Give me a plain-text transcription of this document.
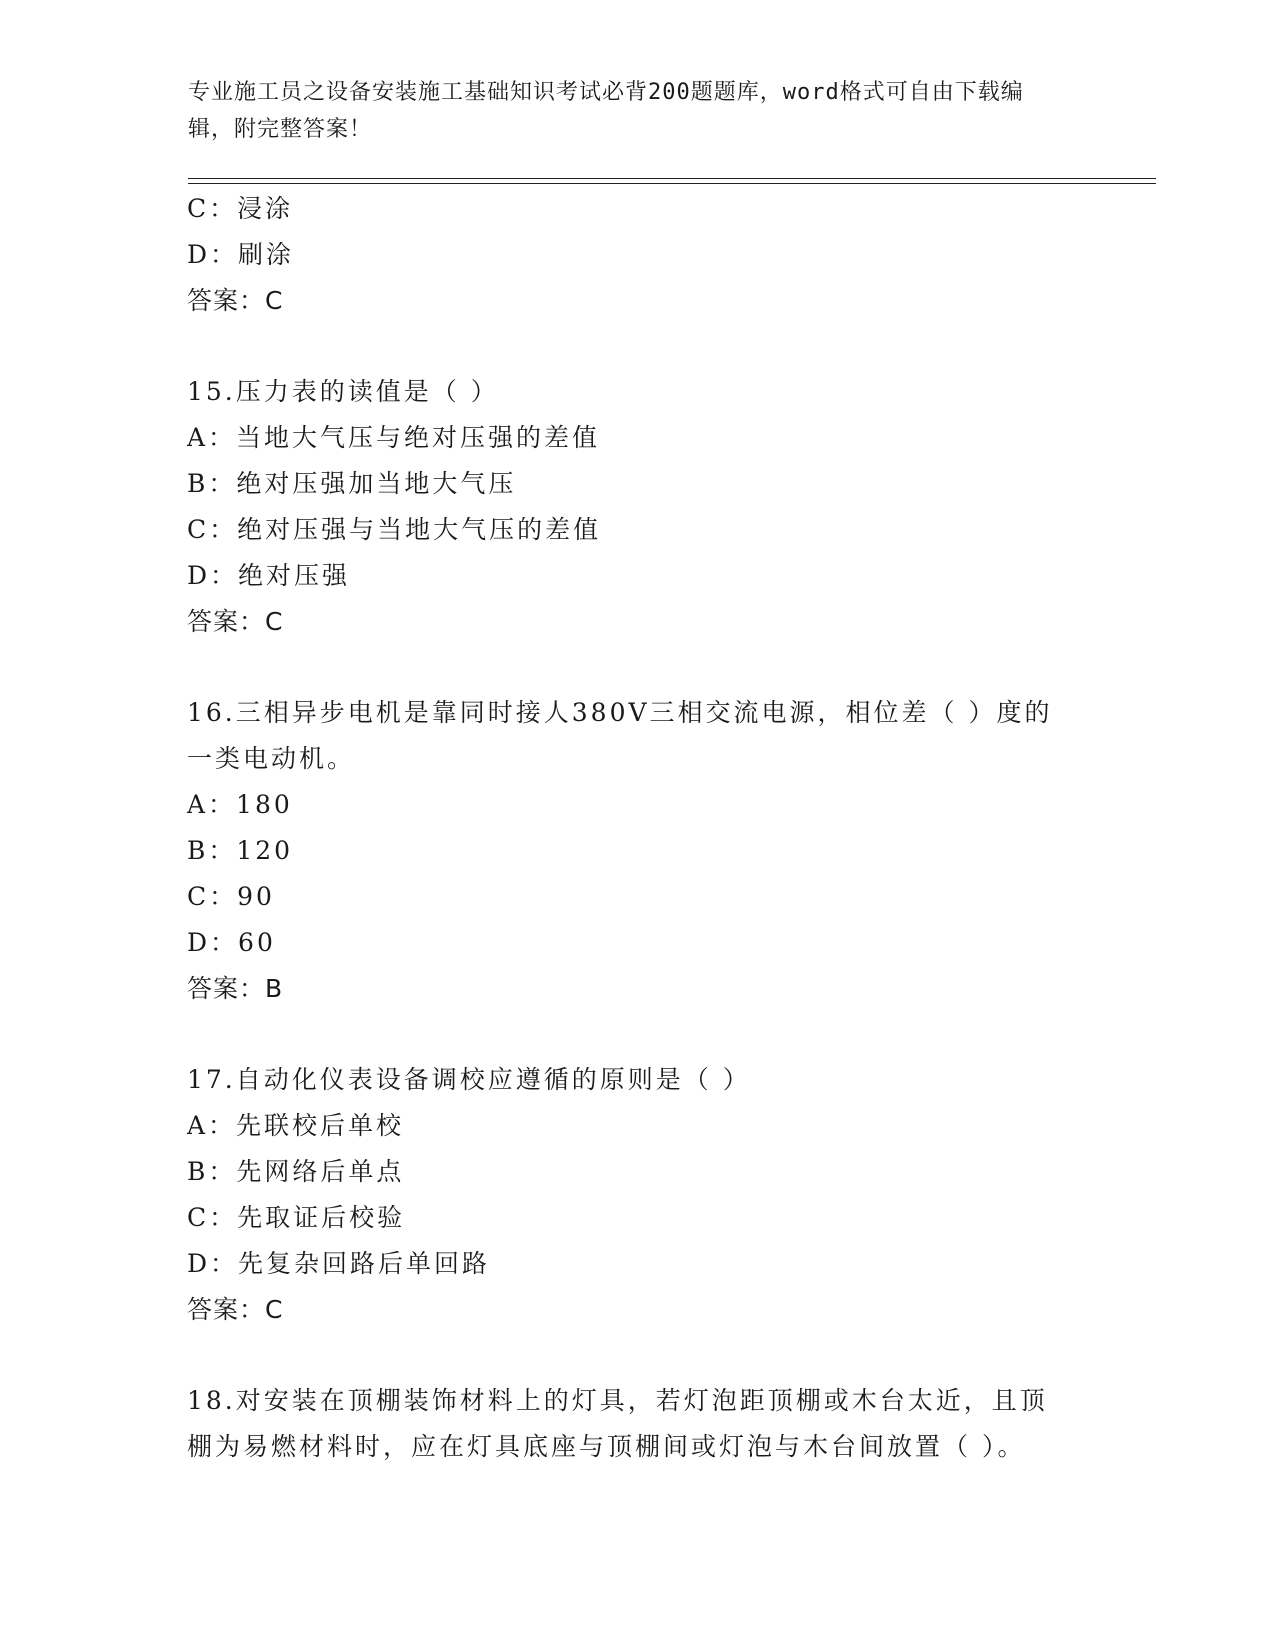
专业施工员之设备安装施工基础知识考试必背200题题库，word格式可自由下载编辑，附完整答案！
C：浸涂
D：刷涂
答案：C
15.压力表的读值是（ ）
A：当地大气压与绝对压强的差值
B：绝对压强加当地大气压
C：绝对压强与当地大气压的差值
D：绝对压强
答案：C
16.三相异步电机是靠同时接人380V三相交流电源，相位差（ ）度的一类电动机。
A：180
B：120
C：90
D：60
答案：B
17.自动化仪表设备调校应遵循的原则是（ ）
A：先联校后单校
B：先网络后单点
C：先取证后校验
D：先复杂回路后单回路
答案：C
18.对安装在顶棚装饰材料上的灯具，若灯泡距顶棚或木台太近，且顶棚为易燃材料时，应在灯具底座与顶棚间或灯泡与木台间放置（ ）。
